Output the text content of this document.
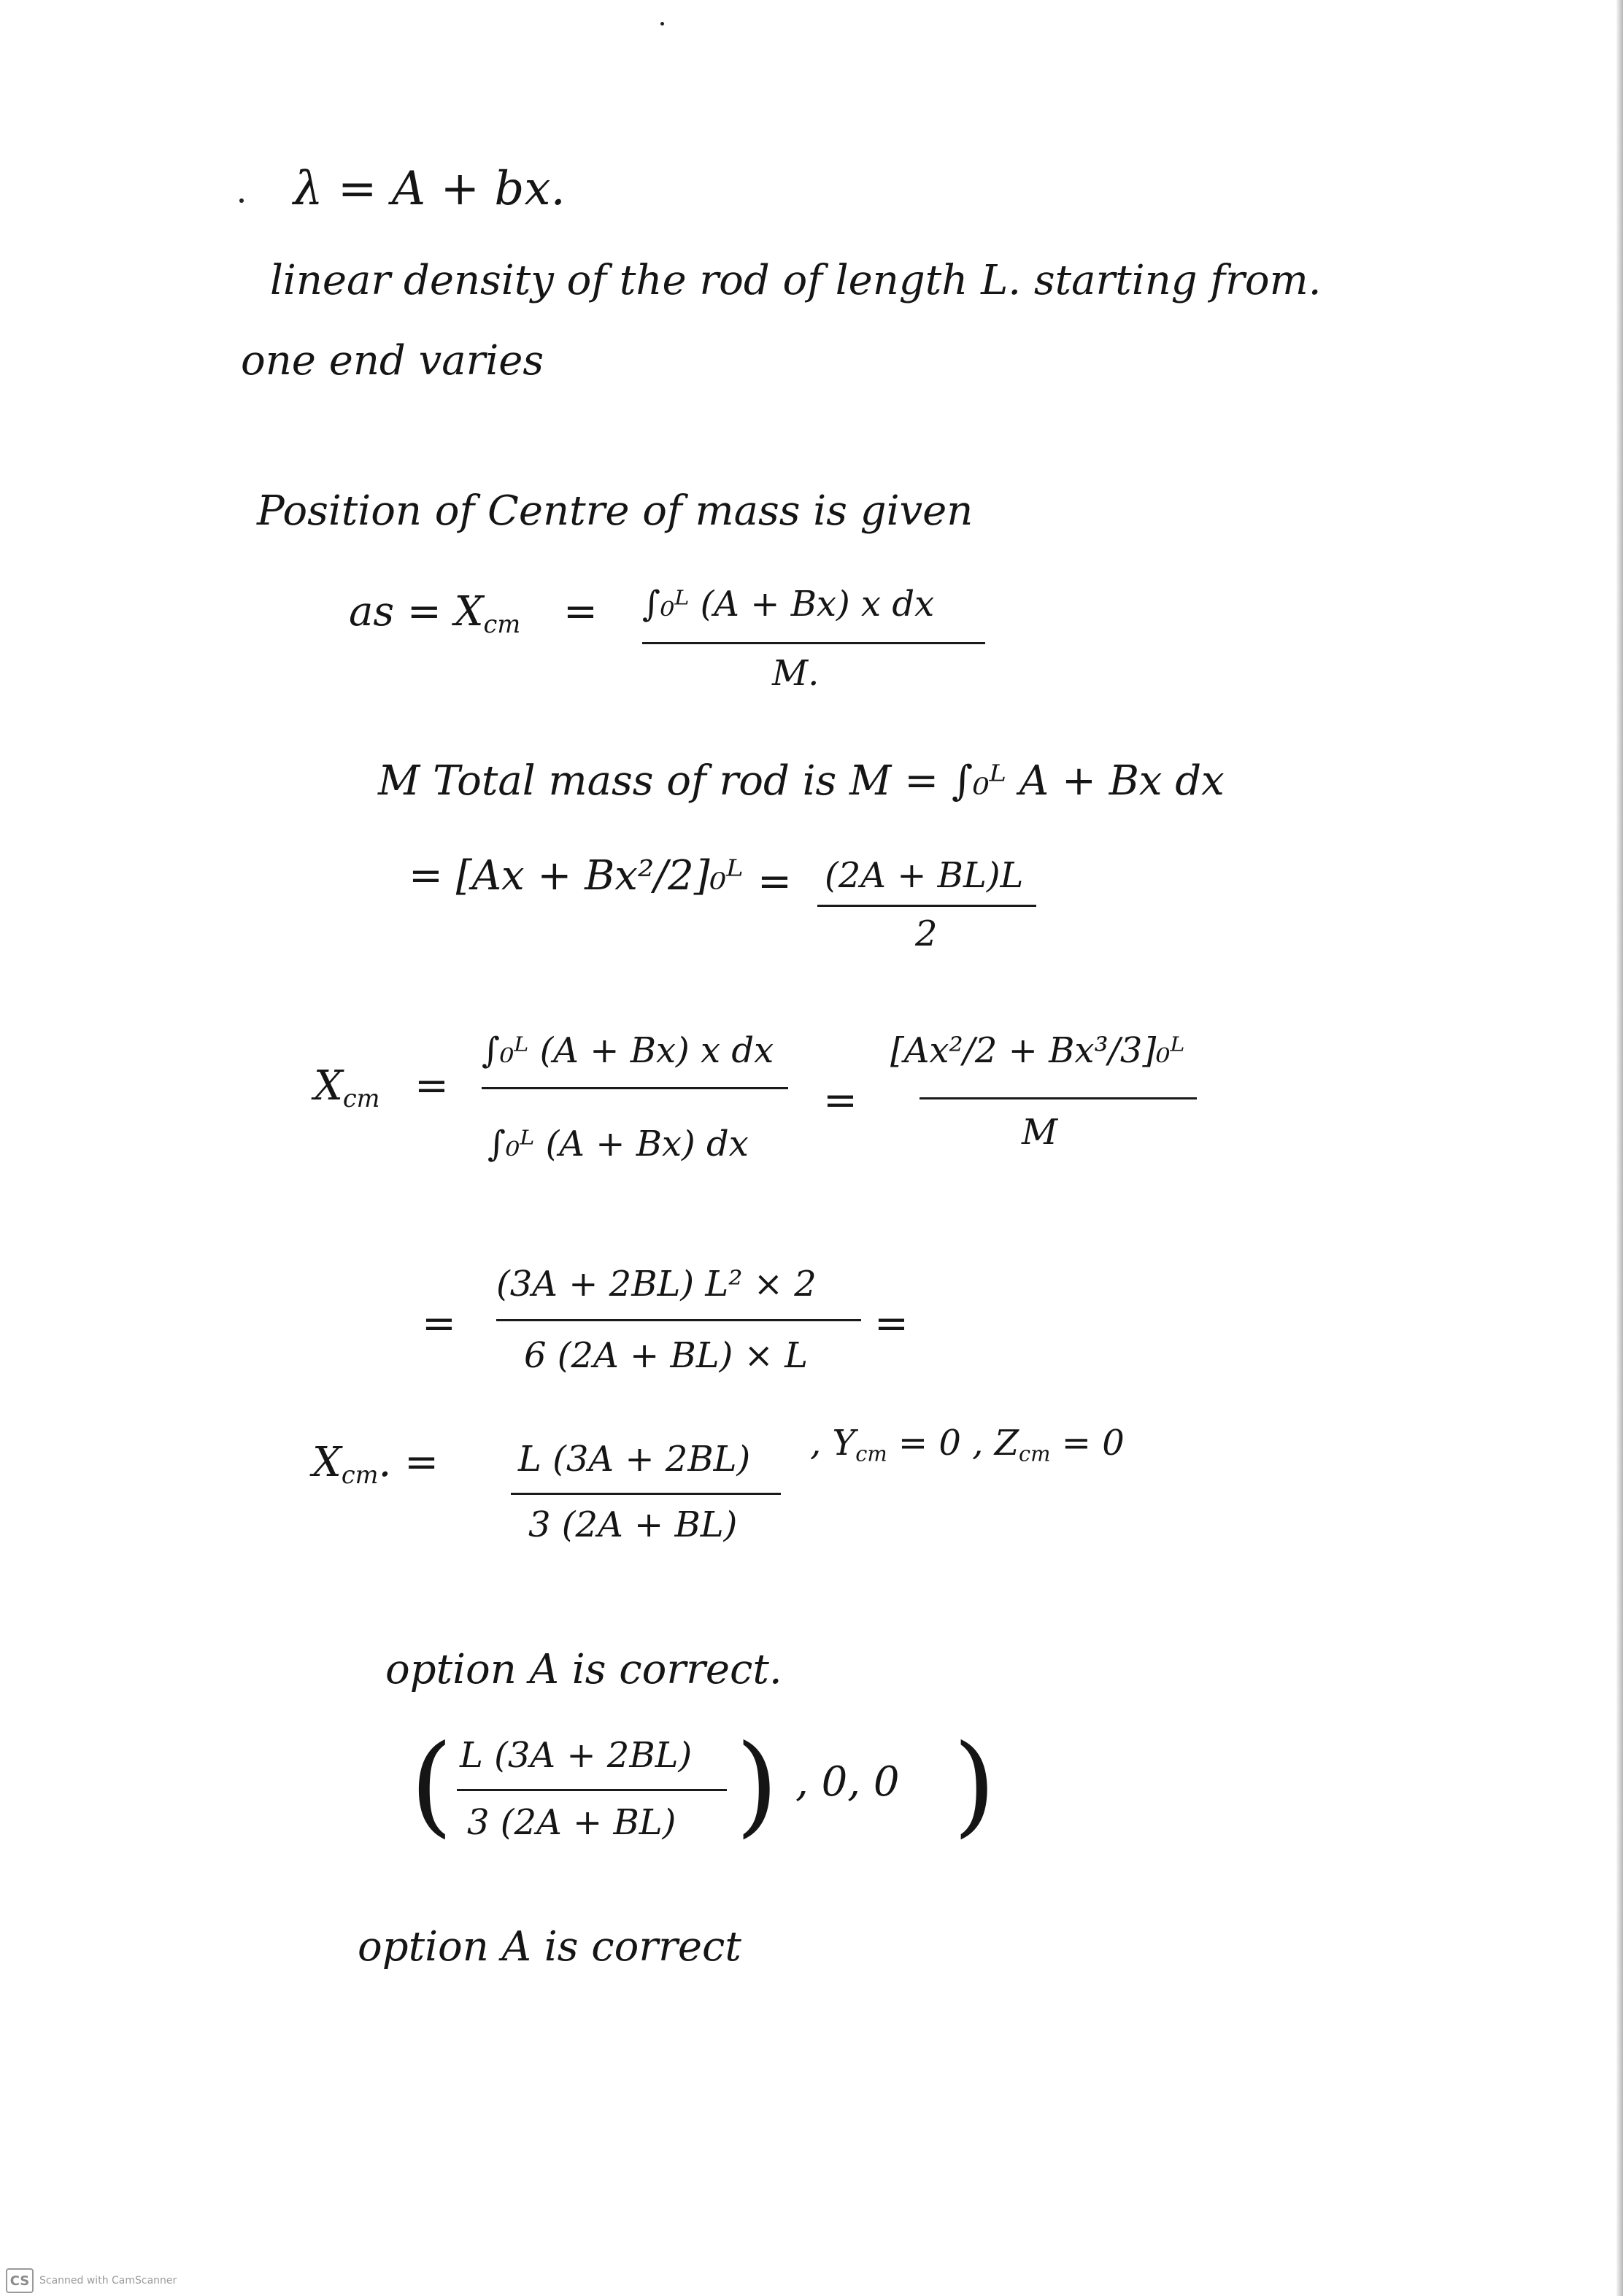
λ = A + bx.
linear density of the rod of length L. starting from.
one end varies
Position of Centre of mass is given
as = $X_{cm}$ = ∫₀ᴸ (A + Bx) x dx
M.
M Total mass of rod is M = ∫₀ᴸ A + Bx dx
= [Ax + Bx²/2]₀ᴸ = (2A + BL)L
2
$X_{cm}$ =
∫₀ᴸ (A + Bx) x dx
∫₀ᴸ (A + Bx) dx
=
[Ax²/2 + Bx³/3]₀ᴸ
M
=
(3A + 2BL) L² × 2
6 (2A + BL) × L
=
$X_{cm}$. = L (3A + 2BL)
3 (2A + BL)
, $Y_{cm} = 0$ , $Z_{cm} = 0$
option A is correct.
( L (3A + 2BL)
3 (2A + BL) ) , 0, 0 )
option A is correct
CS Scanned with CamScanner
